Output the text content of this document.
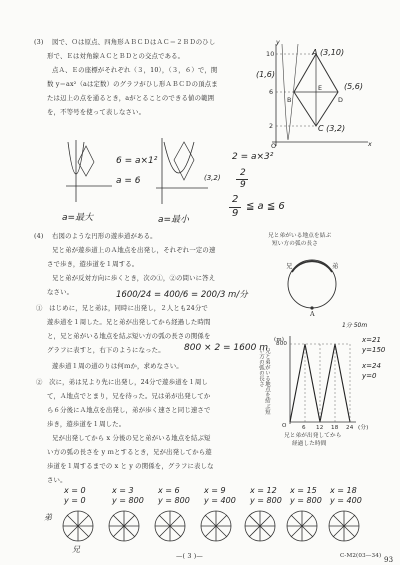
(3) 図で、Ｏは原点、四角形ＡＢＣＤはＡＣ＝２ＢＤのひし
形で、Ｅは対角線ＡＣとＢＤとの交点である。
点Ａ、Ｅの座標がそれぞれ（３，10），（３，６）で，関
数 y＝ax²（aは定数）のグラフがひし形ＡＢＣＤの頂点ま
たは辺上の点を通るとき，aがとることのできる値の範囲
を，不等号を使って表しなさい。
y
x
O
10
6
2
A (3,10)
B	D
E
C (3,2)
(1,6)
(5,6)
a=最大
6 = a×1²
a = 6
a=最小
(3,2)
2 = a×3²
2
9
2
9
≦ a ≦ 6
(4) 右図のような円形の遊歩道がある。
兄と弟が遊歩道上のＡ地点を出発し，それぞれ一定の速
さで歩き，遊歩道を１周する。
兄と弟が反対方向に歩くとき，次の①，②の問いに答え
なさい。	1600/24 = 400/6 = 200/3 m/分
①　はじめに，兄と弟は，同時に出発し，２人とも24分で
遊歩道を１周した。兄と弟が出発してから経過した時間
と，兄と弟がいる地点を結ぶ短い方の弧の長さの関係を
グラフに表すと，右下のようになった。 800 × 2 = 1600 m
遊歩道１周の道のりは何ｍか，求めなさい。
②　次に，弟は兄より先に出発し，24分で遊歩道を１周し
て，Ａ地点でとまり，兄を待った。兄は弟が出発してか
ら６分後にＡ地点を出発し，弟が歩く速さと同じ速さで
歩き，遊歩道を１周した。
兄が出発してから x 分後の兄と弟がいる地点を結ぶ短
い方の弧の長さを y ｍとするとき，兄が出発してから遊
歩道を１周するまでの x と y の関係を，グラフに表しな
さい。
兄と弟がいる地点を結ぶ
短い方の弧の長さ
兄	弟
A
1分 50m
兄と弟がいる地点を結ぶ短い方の弧の長さ
(m)
800
O	6 12 18 24 (分)
兄と弟が出発してから
経過した時間
x=21
y=150
x=24
y=0
x = 0
y = 0
x = 3
y = 800
x = 6
y = 800
x = 9
y = 400
x = 12
y = 800
x = 15
y = 800
x = 18
y = 400
弟
兄
—( 3 )—	C-M2(03—34) 93
